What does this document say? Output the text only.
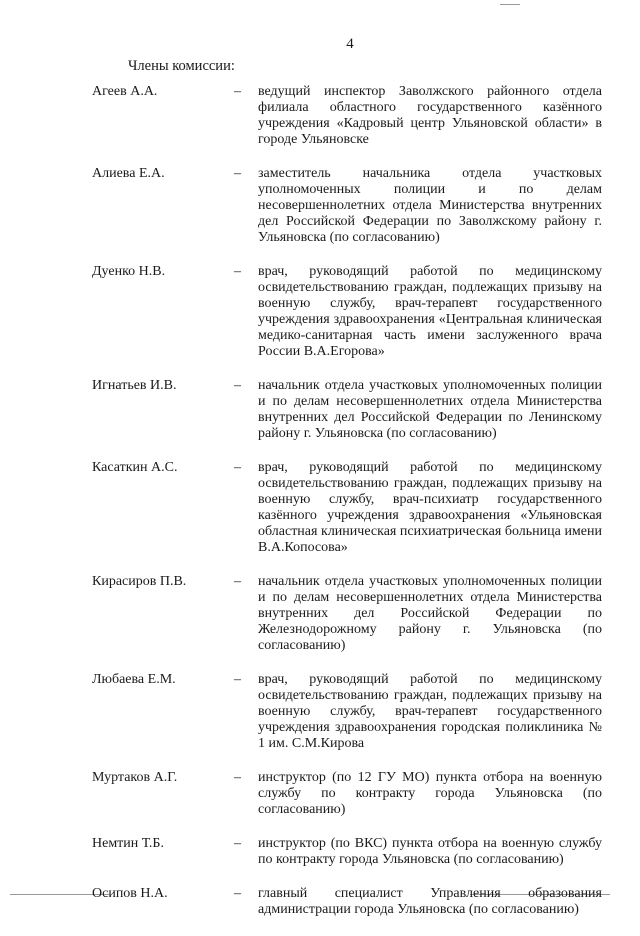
4
Члены комиссии:
Агеев А.А.	– ведущий инспектор Заволжского районного отдела филиала областного государственного казённого учреждения «Кадровый центр Ульяновской области» в городе Ульяновске
Алиева Е.А.	– заместитель начальника отдела участковых уполномоченных полиции и по делам несовершеннолетних отдела Министерства внутренних дел Российской Федерации по Заволжскому району г. Ульяновска (по согласованию)
Дуенко Н.В.	– врач, руководящий работой по медицинскому освидетельствованию граждан, подлежащих призыву на военную службу, врач-терапевт государственного учреждения здравоохранения «Центральная клиническая медико-санитарная часть имени заслуженного врача России В.А.Егорова»
Игнатьев И.В.	– начальник отдела участковых уполномоченных полиции и по делам несовершеннолетних отдела Министерства внутренних дел Российской Федерации по Ленинскому району г. Ульяновска (по согласованию)
Касаткин А.С.	– врач, руководящий работой по медицинскому освидетельствованию граждан, подлежащих призыву на военную службу, врач-психиатр государственного казённого учреждения здравоохранения «Ульяновская областная клиническая психиатрическая больница имени В.А.Копосова»
Кирасиров П.В.	– начальник отдела участковых уполномоченных полиции и по делам несовершеннолетних отдела Министерства внутренних дел Российской Федерации по Железнодорожному району г. Ульяновска (по согласованию)
Любаева Е.М.	– врач, руководящий работой по медицинскому освидетельствованию граждан, подлежащих призыву на военную службу, врач-терапевт государственного учреждения здравоохранения городская поликлиника № 1 им. С.М.Кирова
Муртаков А.Г.	– инструктор (по 12 ГУ МО) пункта отбора на военную службу по контракту города Ульяновска (по согласованию)
Немтин Т.Б.	– инструктор (по ВКС) пункта отбора на военную службу по контракту города Ульяновска (по согласованию)
Осипов Н.А.	– главный специалист Управления образования администрации города Ульяновска (по согласованию)
